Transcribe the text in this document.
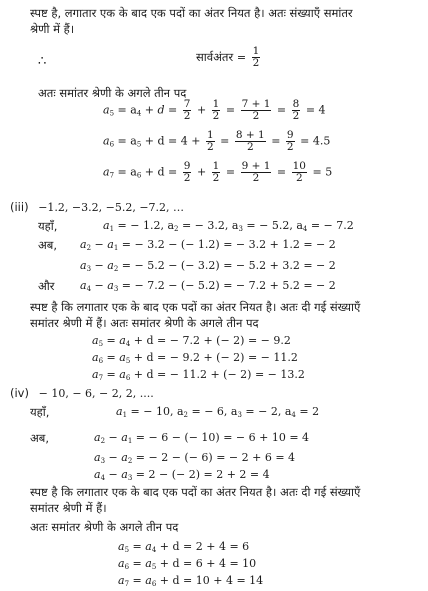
स्पष्ट है, लगातार एक के बाद एक पदों का अंतर नियत है। अतः संख्याएँ समांतर
श्रेणी में हैं।
∴	सार्वअंतर = $\frac{1}{2}$
अतः समांतर श्रेणी के अगले तीन पद
$a_5 = a_4 + d = \frac{7}{2} + \frac{1}{2} = \frac{7 + 1}{2} = \frac{8}{2} = 4$
$a_6 = a_5 + d = 4 + \frac{1}{2} = \frac{8 + 1}{2} = \frac{9}{2} = 4.5$
$a_7 = a_6 + d = \frac{9}{2} + \frac{1}{2} = \frac{9 + 1}{2} = \frac{10}{2} = 5$
(iii) −1.2, −3.2, −5.2, −7.2, …
यहाँ,	$a_1$ = − 1.2, $a_2$ = − 3.2, $a_3$ = − 5.2, $a_4$ = − 7.2
अब, $a_2 - a_1$ = − 3.2 − (− 1.2) = − 3.2 + 1.2 = − 2
$a_3 - a_2$ = − 5.2 − (− 3.2) = − 5.2 + 3.2 = − 2
और $a_4 - a_3$ = − 7.2 − (− 5.2) = − 7.2 + 5.2 = − 2
स्पष्ट है कि लगातार एक के बाद एक पदों का अंतर नियत है। अतः दी गई संख्याएँ
समांतर श्रेणी में हैं। अतः समांतर श्रेणी के अगले तीन पद
$a_5 = a_4 + d$ = − 7.2 + (− 2) = − 9.2
$a_6 = a_5 + d$ = − 9.2 + (− 2) = − 11.2
$a_7 = a_6 + d$ = − 11.2 + (− 2) = − 13.2
(iv) − 10, − 6, − 2, 2, ....
यहाँ,	$a_1$ = − 10, $a_2$ = − 6, $a_3$ = − 2, $a_4 = 2$
अब,	$a_2 - a_1$ = − 6 − (− 10) = − 6 + 10 = 4
$a_3 - a_2$ = − 2 − (− 6) = − 2 + 6 = 4
$a_4 - a_3 = 2$ − (− 2) = 2 + 2 = 4
स्पष्ट है कि लगातार एक के बाद एक पदों का अंतर नियत है। अतः दी गई संख्याएँ
समांतर श्रेणी में हैं।
अतः समांतर श्रेणी के अगले तीन पद
$a_5 = a_4 + d = 2 + 4 = 6$
$a_6 = a_5 + d = 6 + 4 = 10$
$a_7 = a_6 + d = 10 + 4 = 14$
